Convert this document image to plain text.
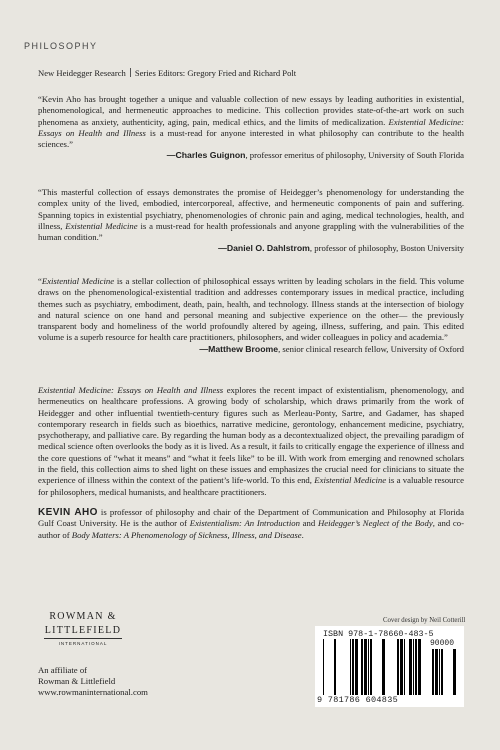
PHILOSOPHY
New Heidegger Research Series Editors: Gregory Fried and Richard Polt

“Kevin Aho has brought together a unique and valuable collection of new essays by leading authorities in existential, phenomenological, and hermeneutic approaches to medicine. This collection provides state-of-the-art work on such phenomena as anxiety, authenticity, aging, pain, medical ethics, and the limits of medicalization. Existential Medicine: Essays on Health and Illness is a must-read for anyone interested in what philosophy can contribute to the health sciences.”

—Charles Guignon, professor emeritus of philosophy, University of South Florida

“This masterful collection of essays demonstrates the promise of Heidegger’s phenomenology for understanding the complex unity of the lived, embodied, intercorporeal, affective, and hermeneutic components of pain and suffering. Spanning topics in existential psychiatry, phenomenologies of chronic pain and aging, medical technologies, health, and illness, Existential Medicine is a must-read for health professionals and anyone grappling with the vulnerabilities of the human condition.”

—Daniel O. Dahlstrom, professor of philosophy, Boston University

“Existential Medicine is a stellar collection of philosophical essays written by leading scholars in the field. This volume draws on the phenomenological-existential tradition and addresses contemporary issues in medical practice, including themes such as psychiatry, embodiment, death, pain, health, and technology. Illness stands at the intersection of biology and natural science on one hand and personal meaning and subjective experience on the other— the previously transparent body and homeliness of the world profoundly altered by ageing, illness, suffering, and pain. This edited volume is a superb resource for health care practitioners, philosophers, and wider colleagues in policy and academia.”

—Matthew Broome, senior clinical research fellow, University of Oxford

Existential Medicine: Essays on Health and Illness explores the recent impact of existentialism, phenomenology, and hermeneutics on healthcare professions. A growing body of scholarship, which draws primarily from the work of Heidegger and other influential twentieth-century figures such as Merleau-Ponty, Sartre, and Gadamer, has shaped contemporary research in fields such as bioethics, narrative medicine, gerontology, enhancement medicine, psychiatry, psychotherapy, and palliative care. By regarding the human body as a decontextualized object, the prevailing paradigm of medical science often overlooks the body as it is lived. As a result, it fails to critically engage the experience of illness and the core questions of “what it means” and “what it feels like” to be ill. With work from emerging and renowned scholars in the field, this collection aims to shed light on these issues and emphasizes the crucial need for clinicians to situate the experience of illness within the context of the patient’s life-world. To this end, Existential Medicine is a valuable resource for philosophers, medical humanists, and healthcare practitioners.

KEVIN AHO is professor of philosophy and chair of the Department of Communication and Philosophy at Florida Gulf Coast University. He is the author of Existentialism: An Introduction and Heidegger’s Neglect of the Body, and co-author of Body Matters: A Phenomenology of Sickness, Illness, and Disease.

ROWMAN &
LITTLEFIELD
INTERNATIONAL
An affiliate of
Rowman & Littlefield
www.rowmaninternational.com
Cover design by Neil Cotterill
ISBN 978-1-78660-483-5
90000
9 781786 604835
